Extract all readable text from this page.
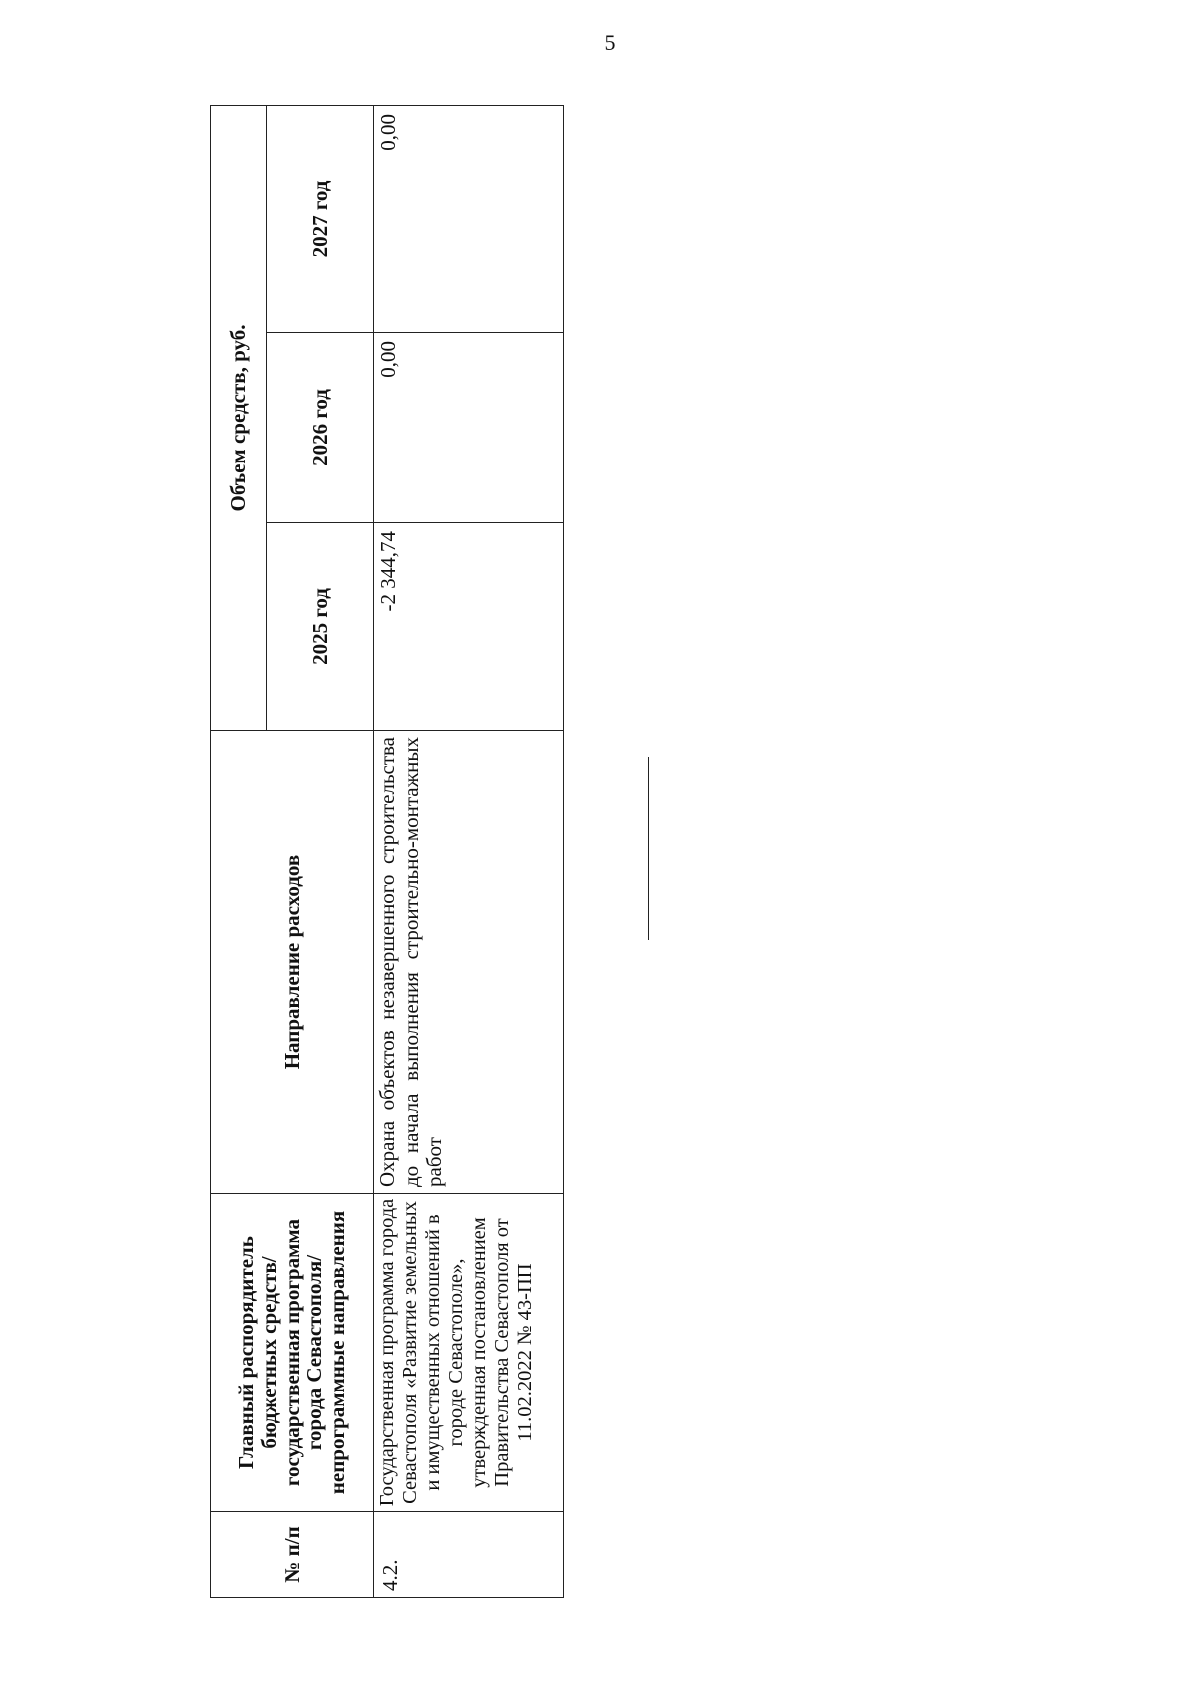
5
№ п/п	Главный распорядитель бюджетных средств/государственная программа города Севастополя/непрограммные направления	Направление расходов	Объем средств, руб.		
			2025 год	2026 год	2027 год
4.2.	Государственная программа города Севастополя «Развитие земельных и имущественных отношений в городе Севастополе», утвержденная постановлением Правительства Севастополя от 11.02.2022 № 43-ПП	Охрана объектов незавершенного строительства до начала выполнения строительно-монтажных работ	-2 344,74	0,00	0,00
